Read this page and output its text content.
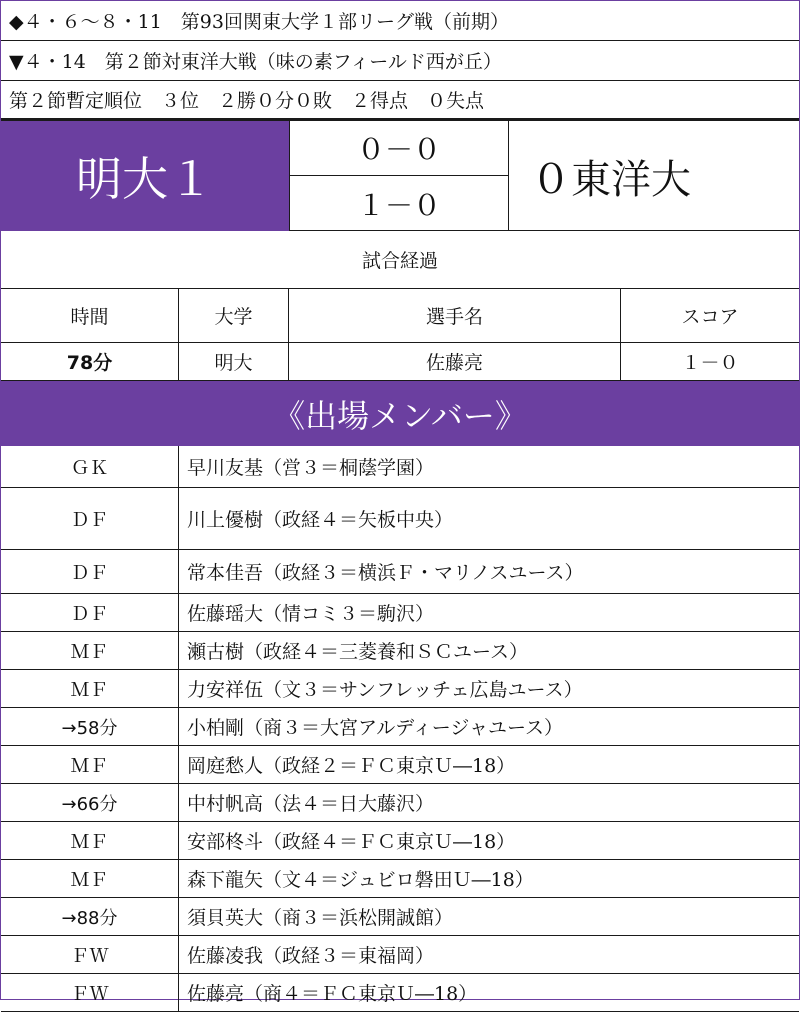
◆４・６～８・11　第93回関東大学１部リーグ戦（前期）
▼４・14　第２節対東洋大戦（味の素フィールド西が丘）
第２節暫定順位　３位　２勝０分０敗　２得点　０失点
明大１
０－０
１－０
０東洋大
試合経過
時間	大学	選手名	スコア
78分	明大	佐藤亮	１－０
《出場メンバー》
ＧＫ	早川友基（営３＝桐蔭学園）
ＤＦ	川上優樹（政経４＝矢板中央）
ＤＦ	常本佳吾（政経３＝横浜Ｆ・マリノスユース）
ＤＦ	佐藤瑶大（情コミ３＝駒沢）
ＭＦ	瀬古樹（政経４＝三菱養和ＳＣユース）
ＭＦ	力安祥伍（文３＝サンフレッチェ広島ユース）
→58分	小柏剛（商３＝大宮アルディージャユース）
ＭＦ	岡庭愁人（政経２＝ＦＣ東京Ｕ―18）
→66分	中村帆高（法４＝日大藤沢）
ＭＦ	安部柊斗（政経４＝ＦＣ東京Ｕ―18）
ＭＦ	森下龍矢（文４＝ジュビロ磐田Ｕ―18）
→88分	須貝英大（商３＝浜松開誠館）
ＦＷ	佐藤凌我（政経３＝東福岡）
ＦＷ	佐藤亮（商４＝ＦＣ東京Ｕ―18）
